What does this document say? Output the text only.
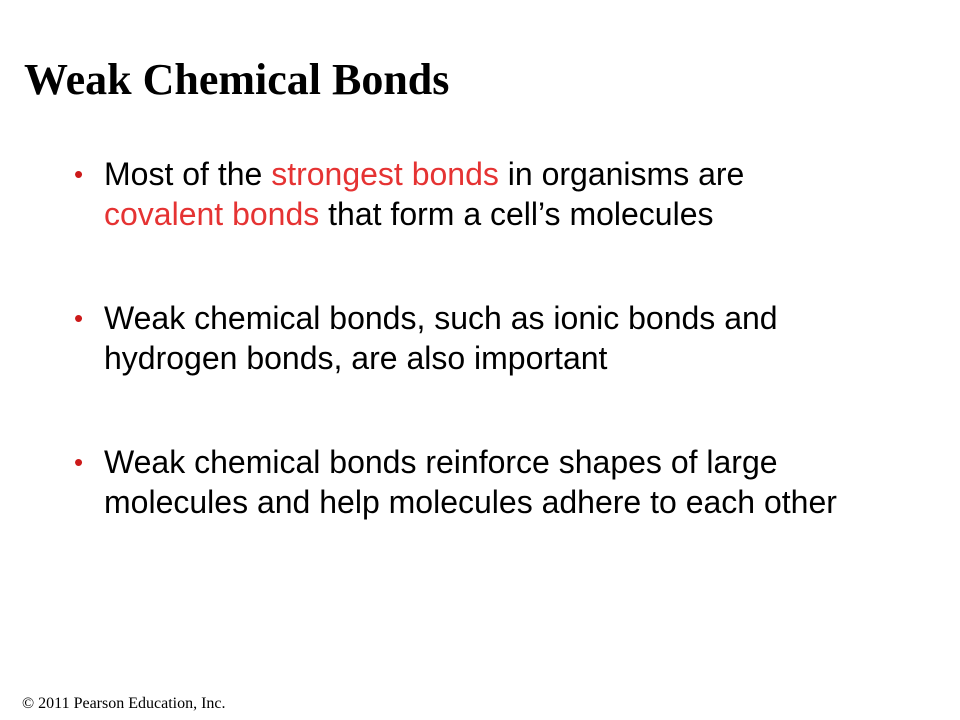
Weak Chemical Bonds
• Most of the strongest bonds in organisms are covalent bonds that form a cell’s molecules
• Weak chemical bonds, such as ionic bonds and hydrogen bonds, are also important
• Weak chemical bonds reinforce shapes of large molecules and help molecules adhere to each other

© 2011 Pearson Education, Inc.
